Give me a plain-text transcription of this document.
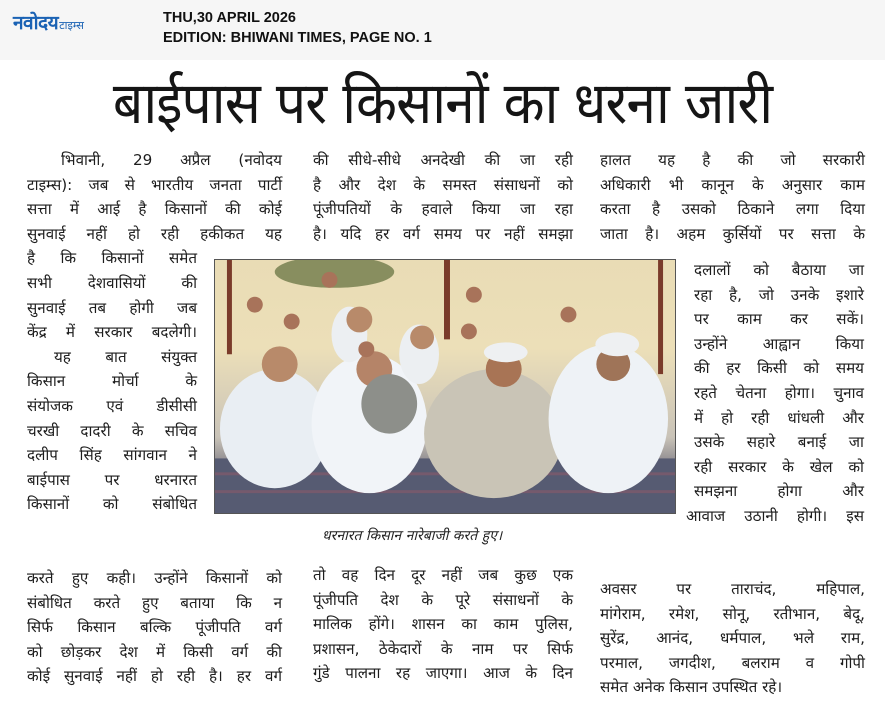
नवोदय टाइम्स	THU,30 APRIL 2026
EDITION: BHIWANI TIMES, PAGE NO. 1
बाईपास पर किसानों का धरना जारी
भिवानी, 29 अप्रैल (नवोदय
टाइम्स): जब से भारतीय जनता पार्टी
सत्ता में आई है किसानों की कोई
सुनवाई नहीं हो रही हकीकत यह
है कि किसानों समेत
सभी देशवासियों की
सुनवाई तब होगी जब
केंद्र में सरकार बदलेगी।
यह बात संयुक्त
किसान मोर्चा के
संयोजक एवं डीसीसी
चरखी दादरी के सचिव
दलीप सिंह सांगवान ने
बाईपास पर धरनारत
किसानों को संबोधित
करते हुए कही। उन्होंने किसानों को
संबोधित करते हुए बताया कि न
सिर्फ किसान बल्कि पूंजीपति वर्ग
को छोड़कर देश में किसी वर्ग की
कोई सुनवाई नहीं हो रही है। हर वर्ग
की सीधे-सीधे अनदेखी की जा रही
है और देश के समस्त संसाधनों को
पूंजीपतियों के हवाले किया जा रहा
है। यदि हर वर्ग समय पर नहीं समझा
तो वह दिन दूर नहीं जब कुछ एक
पूंजीपति देश के पूरे संसाधनों के
मालिक होंगे। शासन का काम पुलिस,
प्रशासन, ठेकेदारों के नाम पर सिर्फ
गुंडे पालना रह जाएगा। आज के दिन
हालत यह है की जो सरकारी
अधिकारी भी कानून के अनुसार काम
करता है उसको ठिकाने लगा दिया
जाता है। अहम कुर्सियों पर सत्ता के
दलालों को बैठाया जा
रहा है, जो उनके इशारे
पर काम कर सकें।
उन्होंने आह्वान किया
की हर किसी को समय
रहते चेतना होगा। चुनाव
में हो रही धांधली और
उसके सहारे बनाई जा
रही सरकार के खेल को
समझना होगा और
आवाज उठानी होगी। इस
अवसर पर ताराचंद, महिपाल,
मांगेराम, रमेश, सोनू, रतीभान, बेदू,
सुरेंद्र, आनंद, धर्मपाल, भले राम,
परमाल, जगदीश, बलराम व गोपी
समेत अनेक किसान उपस्थित रहे।
धरनारत किसान नारेबाजी करते हुए।
